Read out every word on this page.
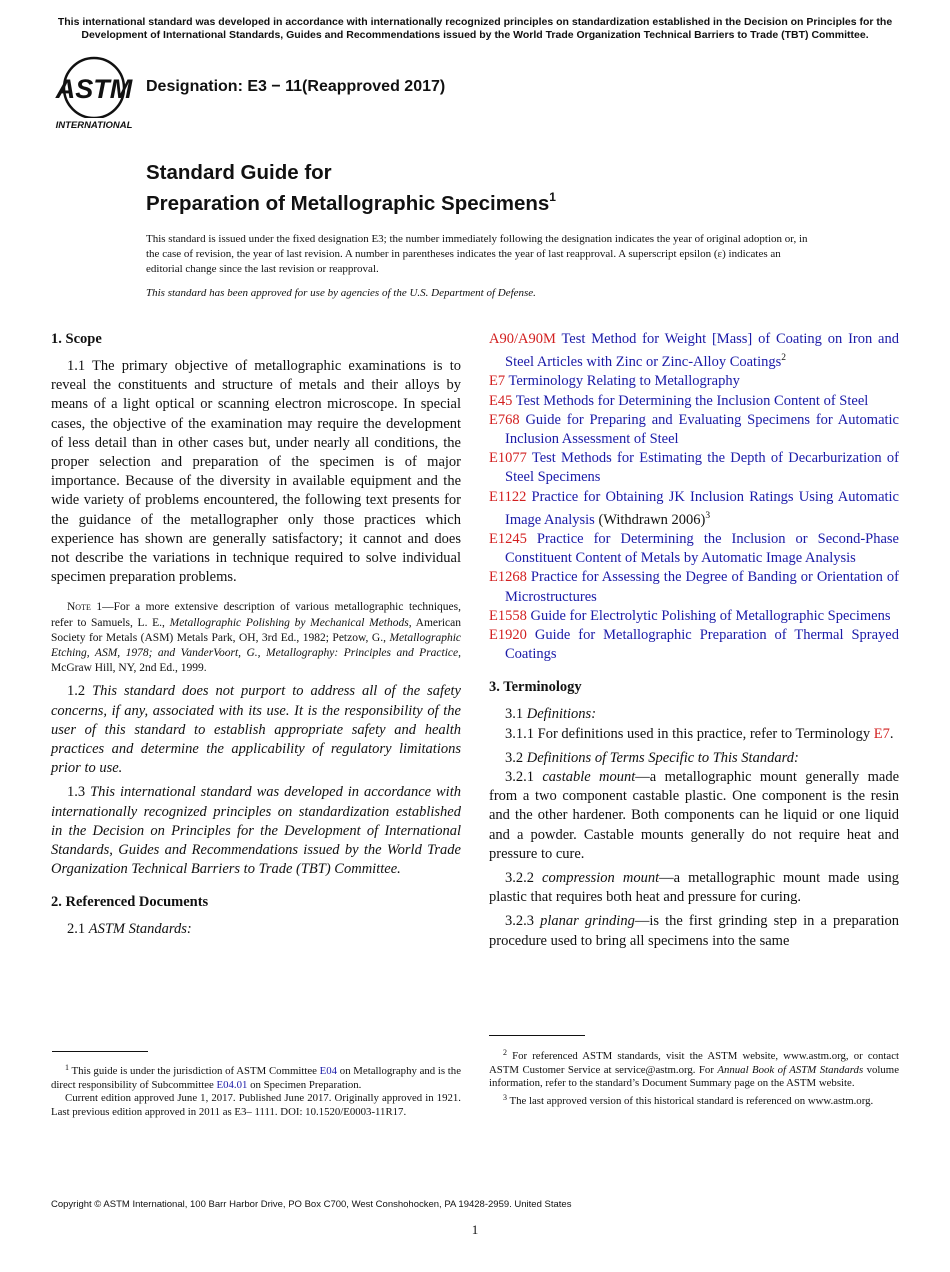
This international standard was developed in accordance with internationally recognized principles on standardization established in the Decision on Principles for the Development of International Standards, Guides and Recommendations issued by the World Trade Organization Technical Barriers to Trade (TBT) Committee.
ASTM
INTERNATIONAL
Designation: E3 − 11(Reapproved 2017)
Standard Guide for
Preparation of Metallographic Specimens$^1$

This standard is issued under the fixed designation E3; the number immediately following the designation indicates the year of original adoption or, in the case of revision, the year of last revision. A number in parentheses indicates the year of last reapproval. A superscript epsilon (ε) indicates an editorial change since the last revision or reapproval.

This standard has been approved for use by agencies of the U.S. Department of Defense.

1. Scope

1.1 The primary objective of metallographic examinations is to reveal the constituents and structure of metals and their alloys by means of a light optical or scanning electron microscope. In special cases, the objective of the examination may require the development of less detail than in other cases but, under nearly all conditions, the proper selection and preparation of the specimen is of major importance. Because of the diversity in available equipment and the wide variety of problems encountered, the following text presents for the guidance of the metallographer only those practices which experience has shown are generally satisfactory; it cannot and does not describe the variations in technique required to solve individual specimen preparation problems.

Note 1—For a more extensive description of various metallographic techniques, refer to Samuels, L. E., Metallographic Polishing by Mechanical Methods, American Society for Metals (ASM) Metals Park, OH, 3rd Ed., 1982; Petzow, G., Metallographic Etching, ASM, 1978; and VanderVoort, G., Metallography: Principles and Practice, McGraw Hill, NY, 2nd Ed., 1999.

1.2 This standard does not purport to address all of the safety concerns, if any, associated with its use. It is the responsibility of the user of this standard to establish appropriate safety and health practices and determine the applicability of regulatory limitations prior to use.

1.3 This international standard was developed in accordance with internationally recognized principles on standardization established in the Decision on Principles for the Development of International Standards, Guides and Recommendations issued by the World Trade Organization Technical Barriers to Trade (TBT) Committee.

2. Referenced Documents

2.1 ASTM Standards:

A90/A90M Test Method for Weight [Mass] of Coating on Iron and Steel Articles with Zinc or Zinc-Alloy Coatings$^2$

E7 Terminology Relating to Metallography

E45 Test Methods for Determining the Inclusion Content of Steel

E768 Guide for Preparing and Evaluating Specimens for Automatic Inclusion Assessment of Steel

E1077 Test Methods for Estimating the Depth of Decarburization of Steel Specimens

E1122 Practice for Obtaining JK Inclusion Ratings Using Automatic Image Analysis (Withdrawn 2006)$^3$

E1245 Practice for Determining the Inclusion or Second-Phase Constituent Content of Metals by Automatic Image Analysis

E1268 Practice for Assessing the Degree of Banding or Orientation of Microstructures

E1558 Guide for Electrolytic Polishing of Metallographic Specimens

E1920 Guide for Metallographic Preparation of Thermal Sprayed Coatings

3. Terminology

3.1 Definitions:

3.1.1 For definitions used in this practice, refer to Terminology E7.

3.2 Definitions of Terms Specific to This Standard:

3.2.1 castable mount—a metallographic mount generally made from a two component castable plastic. One component is the resin and the other hardener. Both components can he liquid or one liquid and a powder. Castable mounts generally do not require heat and pressure to cure.

3.2.2 compression mount—a metallographic mount made using plastic that requires both heat and pressure for curing.

3.2.3 planar grinding—is the first grinding step in a preparation procedure used to bring all specimens into the same

$^1$ This guide is under the jurisdiction of ASTM Committee E04 on Metallography and is the direct responsibility of Subcommittee E04.01 on Specimen Preparation.

Current edition approved June 1, 2017. Published June 2017. Originally approved in 1921. Last previous edition approved in 2011 as E3– 1111. DOI: 10.1520/E0003-11R17.

$^2$ For referenced ASTM standards, visit the ASTM website, www.astm.org, or contact ASTM Customer Service at service@astm.org. For Annual Book of ASTM Standards volume information, refer to the standard’s Document Summary page on the ASTM website.

$^3$ The last approved version of this historical standard is referenced on www.astm.org.

Copyright © ASTM International, 100 Barr Harbor Drive, PO Box C700, West Conshohocken, PA 19428-2959. United States
1
